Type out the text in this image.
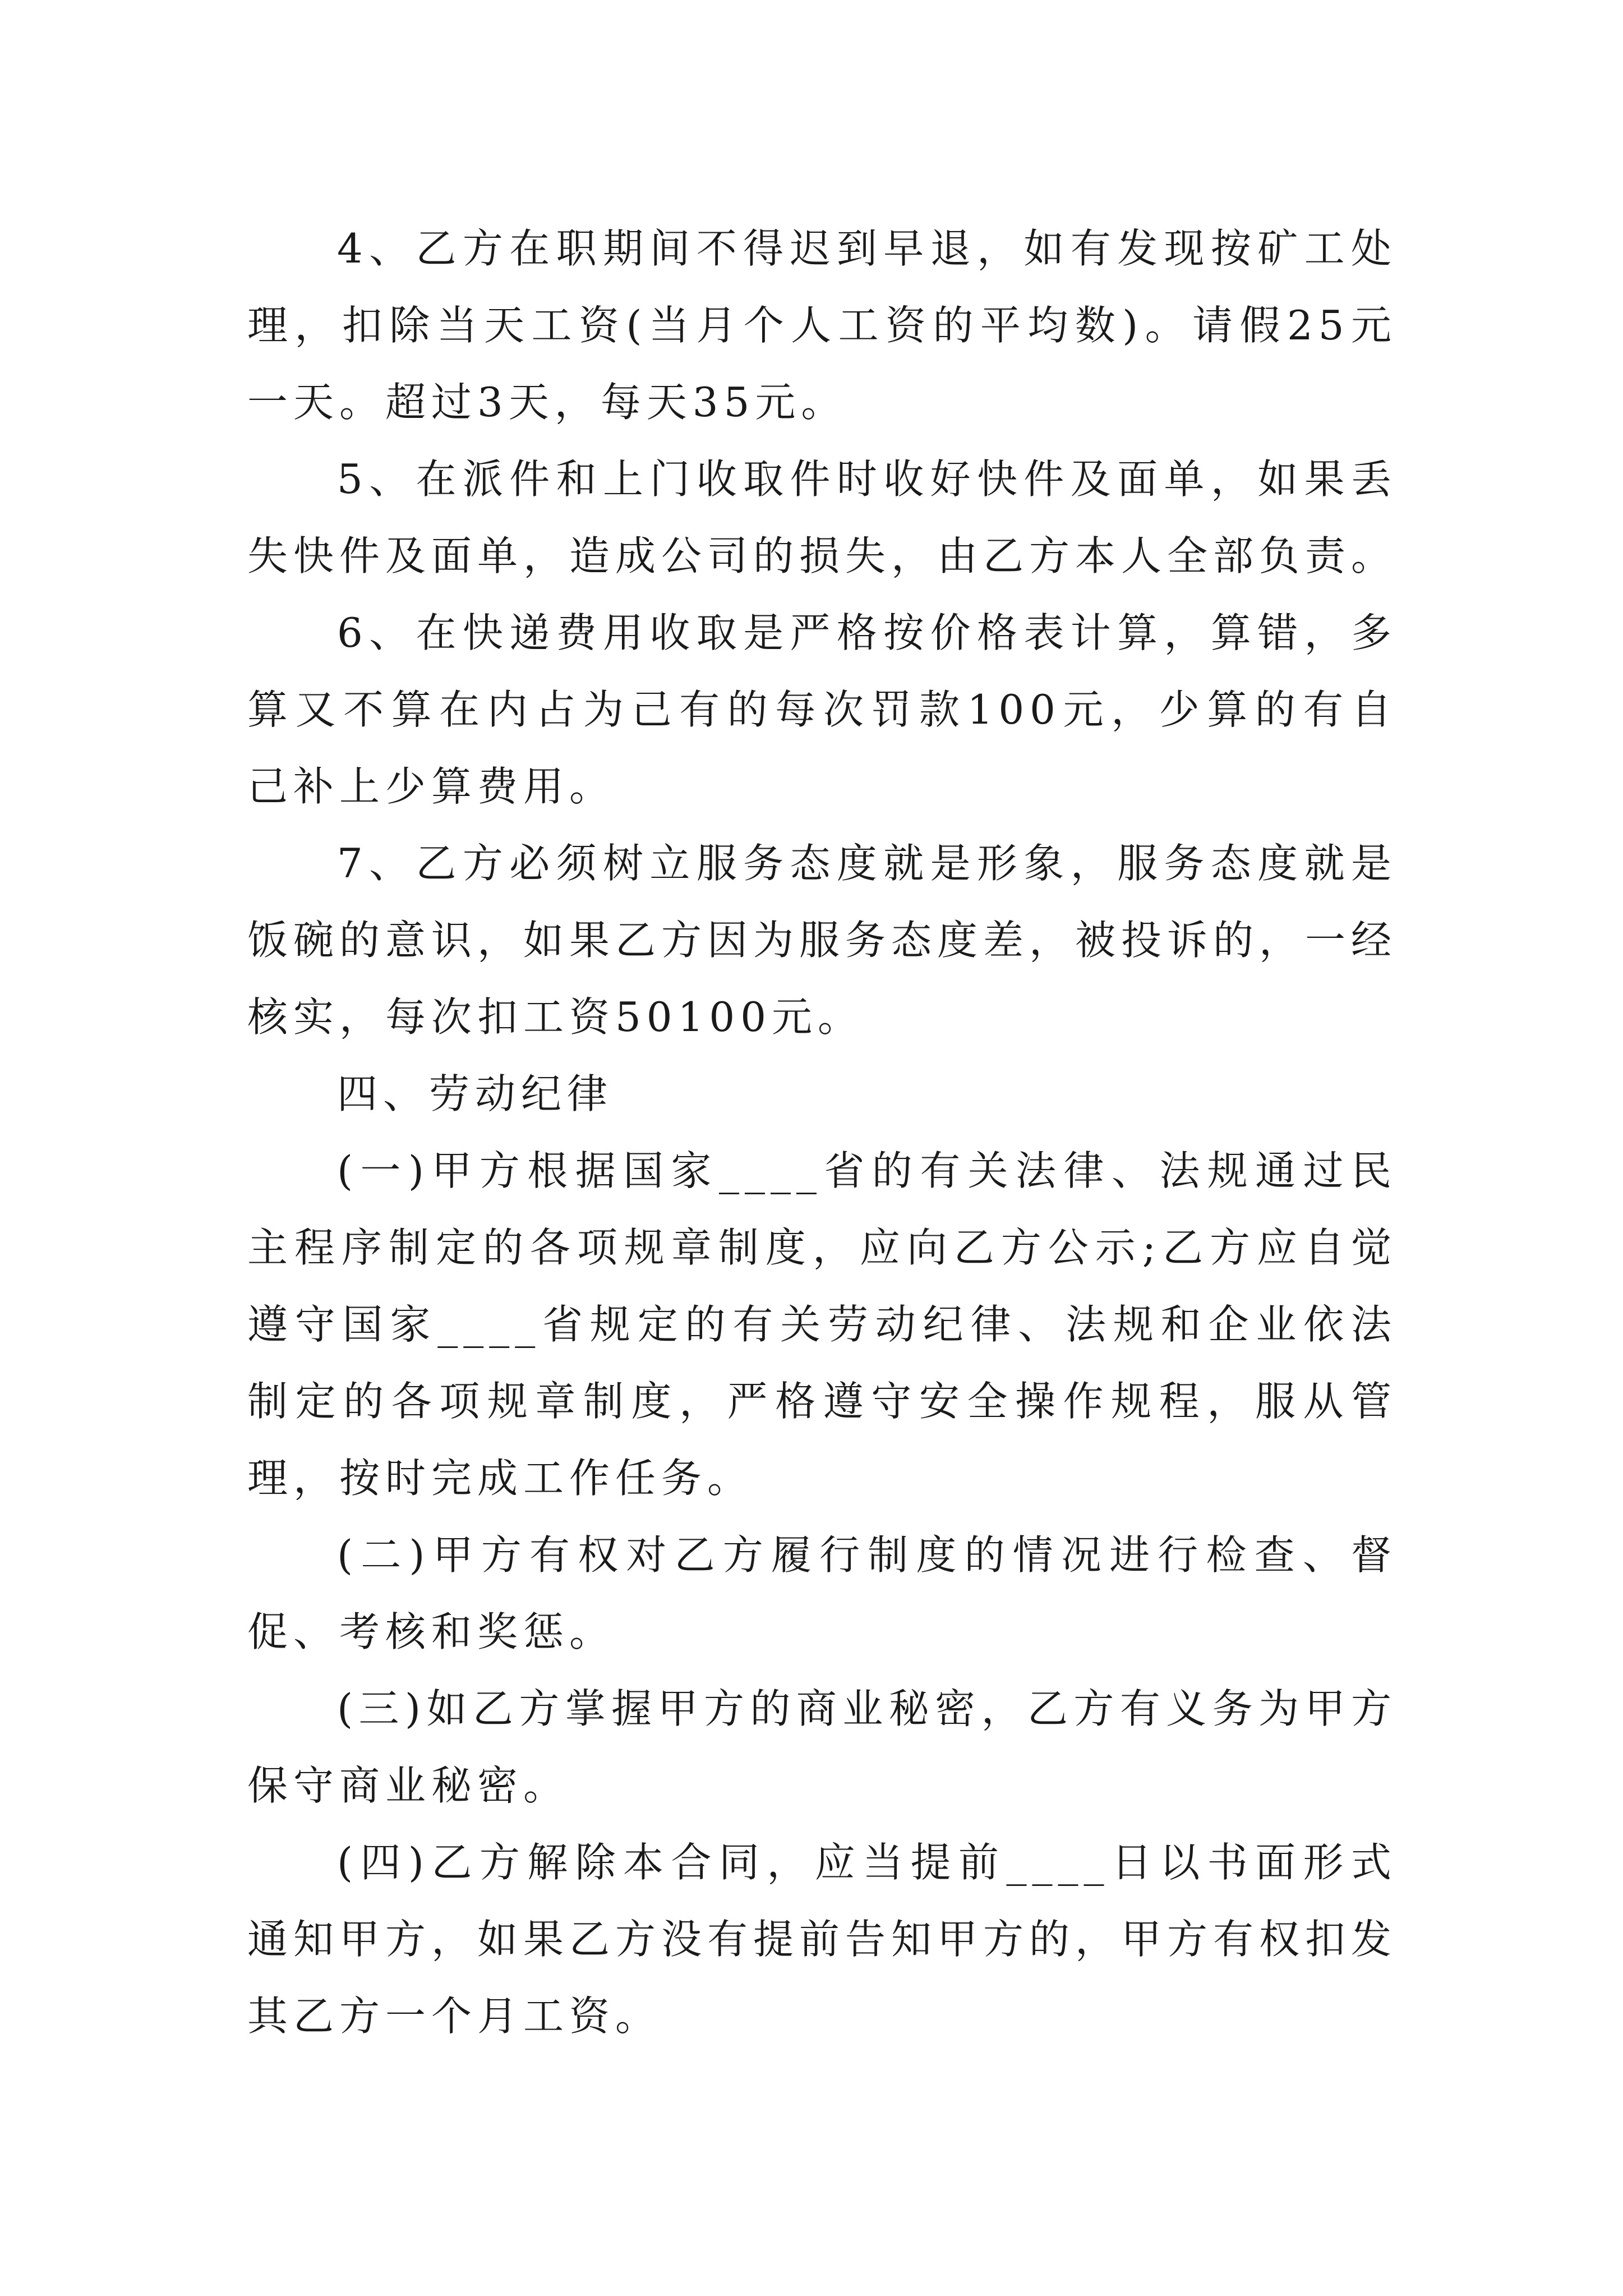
4、乙方在职期间不得迟到早退，如有发现按矿工处理，扣除当天工资(当月个人工资的平均数)。请假25元一天。超过3天，每天35元。

5、在派件和上门收取件时收好快件及面单，如果丢失快件及面单，造成公司的损失，由乙方本人全部负责。

6、在快递费用收取是严格按价格表计算，算错，多算又不算在内占为己有的每次罚款100元，少算的有自己补上少算费用。

7、乙方必须树立服务态度就是形象，服务态度就是饭碗的意识，如果乙方因为服务态度差，被投诉的，一经核实，每次扣工资50100元。

四、劳动纪律

(一)甲方根据国家____省的有关法律、法规通过民主程序制定的各项规章制度，应向乙方公示;乙方应自觉遵守国家____省规定的有关劳动纪律、法规和企业依法制定的各项规章制度，严格遵守安全操作规程，服从管理，按时完成工作任务。

(二)甲方有权对乙方履行制度的情况进行检查、督促、考核和奖惩。

(三)如乙方掌握甲方的商业秘密，乙方有义务为甲方保守商业秘密。

(四)乙方解除本合同，应当提前____日以书面形式通知甲方，如果乙方没有提前告知甲方的，甲方有权扣发其乙方一个月工资。
